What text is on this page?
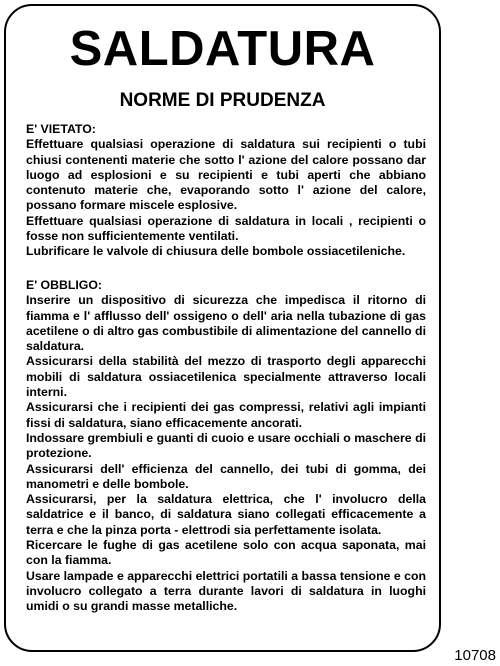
SALDATURA
NORME DI PRUDENZA

E' VIETATO:

Effettuare qualsiasi operazione di saldatura sui recipienti o tubi chiusi contenenti materie che sotto l' azione del calore possano dar luogo ad esplosioni e su recipienti e tubi aperti che abbiano contenuto materie che, evaporando sotto l' azione del calore, possano formare miscele esplosive.

Effettuare qualsiasi operazione di saldatura in locali , recipienti o fosse non sufficientemente ventilati.

Lubrificare le valvole di chiusura delle bombole ossiacetileniche.

E' OBBLIGO:

Inserire un dispositivo di sicurezza che impedisca il ritorno di fiamma e l' afflusso dell' ossigeno o dell' aria nella tubazione di gas acetilene o di altro gas combustibile di alimentazione del cannello di saldatura.

Assicurarsi della stabilità del mezzo di trasporto degli apparecchi mobili di saldatura ossiacetilenica specialmente attraverso locali interni.

Assicurarsi che i recipienti dei gas compressi, relativi agli impianti fissi di saldatura, siano efficacemente ancorati.

Indossare grembiuli e guanti di cuoio e usare occhiali o maschere di protezione.

Assicurarsi dell' efficienza del cannello, dei tubi di gomma, dei manometri e delle bombole.

Assicurarsi, per la saldatura elettrica, che l' involucro della saldatrice e il banco, di saldatura siano collegati efficacemente a terra e che la pinza porta - elettrodi sia perfettamente isolata.

Ricercare le fughe di gas acetilene solo con acqua saponata, mai con la fiamma.

Usare lampade e apparecchi elettrici portatili a bassa tensione e con involucro collegato a terra durante lavori di saldatura in luoghi umidi o su grandi masse metalliche.

10708
